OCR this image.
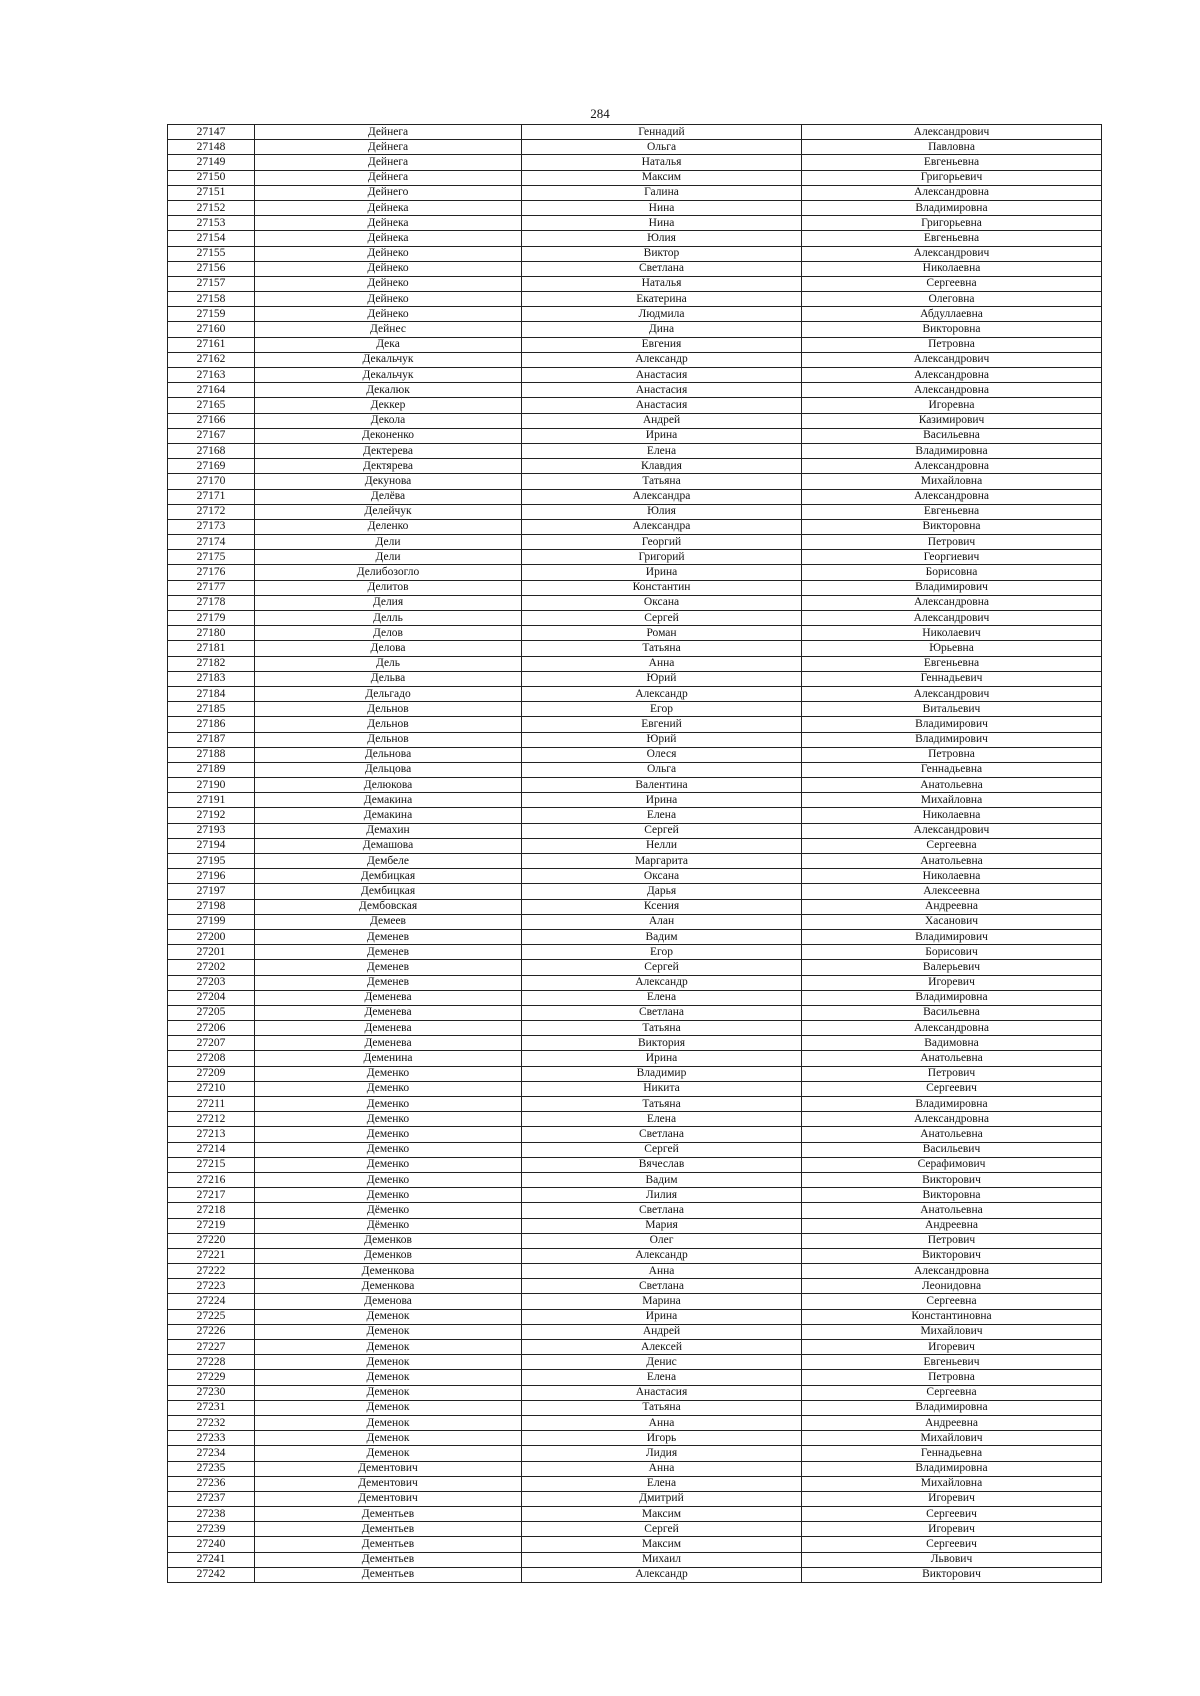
284
27147	Дейнега	Геннадий	Александрович
27148	Дейнега	Ольга	Павловна
27149	Дейнега	Наталья	Евгеньевна
27150	Дейнега	Максим	Григорьевич
27151	Дейнего	Галина	Александровна
27152	Дейнека	Нина	Владимировна
27153	Дейнека	Нина	Григорьевна
27154	Дейнека	Юлия	Евгеньевна
27155	Дейнеко	Виктор	Александрович
27156	Дейнеко	Светлана	Николаевна
27157	Дейнеко	Наталья	Сергеевна
27158	Дейнеко	Екатерина	Олеговна
27159	Дейнеко	Людмила	Абдуллаевна
27160	Дейнес	Дина	Викторовна
27161	Дека	Евгения	Петровна
27162	Декальчук	Александр	Александрович
27163	Декальчук	Анастасия	Александровна
27164	Декалюк	Анастасия	Александровна
27165	Деккер	Анастасия	Игоревна
27166	Декола	Андрей	Казимирович
27167	Деконенко	Ирина	Васильевна
27168	Дектерева	Елена	Владимировна
27169	Дектярева	Клавдия	Александровна
27170	Декунова	Татьяна	Михайловна
27171	Делёва	Александра	Александровна
27172	Делейчук	Юлия	Евгеньевна
27173	Деленко	Александра	Викторовна
27174	Дели	Георгий	Петрович
27175	Дели	Григорий	Георгиевич
27176	Делибозоглo	Ирина	Борисовна
27177	Делитов	Константин	Владимирович
27178	Делия	Оксана	Александровна
27179	Делль	Сергей	Александрович
27180	Делов	Роман	Николаевич
27181	Делова	Татьяна	Юрьевна
27182	Дель	Анна	Евгеньевна
27183	Дельва	Юрий	Геннадьевич
27184	Дельгадо	Александр	Александрович
27185	Дельнов	Егор	Витальевич
27186	Дельнов	Евгений	Владимирович
27187	Дельнов	Юрий	Владимирович
27188	Дельнова	Олеся	Петровна
27189	Дельцова	Ольга	Геннадьевна
27190	Делюкова	Валентина	Анатольевна
27191	Демакина	Ирина	Михайловна
27192	Демакина	Елена	Николаевна
27193	Демахин	Сергей	Александрович
27194	Демашова	Нелли	Сергеевна
27195	Дембеле	Маргарита	Анатольевна
27196	Дембицкая	Оксана	Николаевна
27197	Дембицкая	Дарья	Алексеевна
27198	Дембовская	Ксения	Андреевна
27199	Демеев	Алан	Хасанович
27200	Деменев	Вадим	Владимирович
27201	Деменев	Егор	Борисович
27202	Деменев	Сергей	Валерьевич
27203	Деменев	Александр	Игоревич
27204	Деменева	Елена	Владимировна
27205	Деменева	Светлана	Васильевна
27206	Деменева	Татьяна	Александровна
27207	Деменева	Виктория	Вадимовна
27208	Деменина	Ирина	Анатольевна
27209	Деменко	Владимир	Петрович
27210	Деменко	Никита	Сергеевич
27211	Деменко	Татьяна	Владимировна
27212	Деменко	Елена	Александровна
27213	Деменко	Светлана	Анатольевна
27214	Деменко	Сергей	Васильевич
27215	Деменко	Вячеслав	Серафимович
27216	Деменко	Вадим	Викторович
27217	Деменко	Лилия	Викторовна
27218	Дёменко	Светлана	Анатольевна
27219	Дёменко	Мария	Андреевна
27220	Деменков	Олег	Петрович
27221	Деменков	Александр	Викторович
27222	Деменкова	Анна	Александровна
27223	Деменкова	Светлана	Леонидовна
27224	Деменова	Марина	Сергеевна
27225	Деменок	Ирина	Константиновна
27226	Деменок	Андрей	Михайлович
27227	Деменок	Алексей	Игоревич
27228	Деменок	Денис	Евгеньевич
27229	Деменок	Елена	Петровна
27230	Деменок	Анастасия	Сергеевна
27231	Деменок	Татьяна	Владимировна
27232	Деменок	Анна	Андреевна
27233	Деменок	Игорь	Михайлович
27234	Деменок	Лидия	Геннадьевна
27235	Дементович	Анна	Владимировна
27236	Дементович	Елена	Михайловна
27237	Дементович	Дмитрий	Игоревич
27238	Дементьев	Максим	Сергеевич
27239	Дементьев	Сергей	Игоревич
27240	Дементьев	Максим	Сергеевич
27241	Дементьев	Михаил	Львович
27242	Дементьев	Александр	Викторович
